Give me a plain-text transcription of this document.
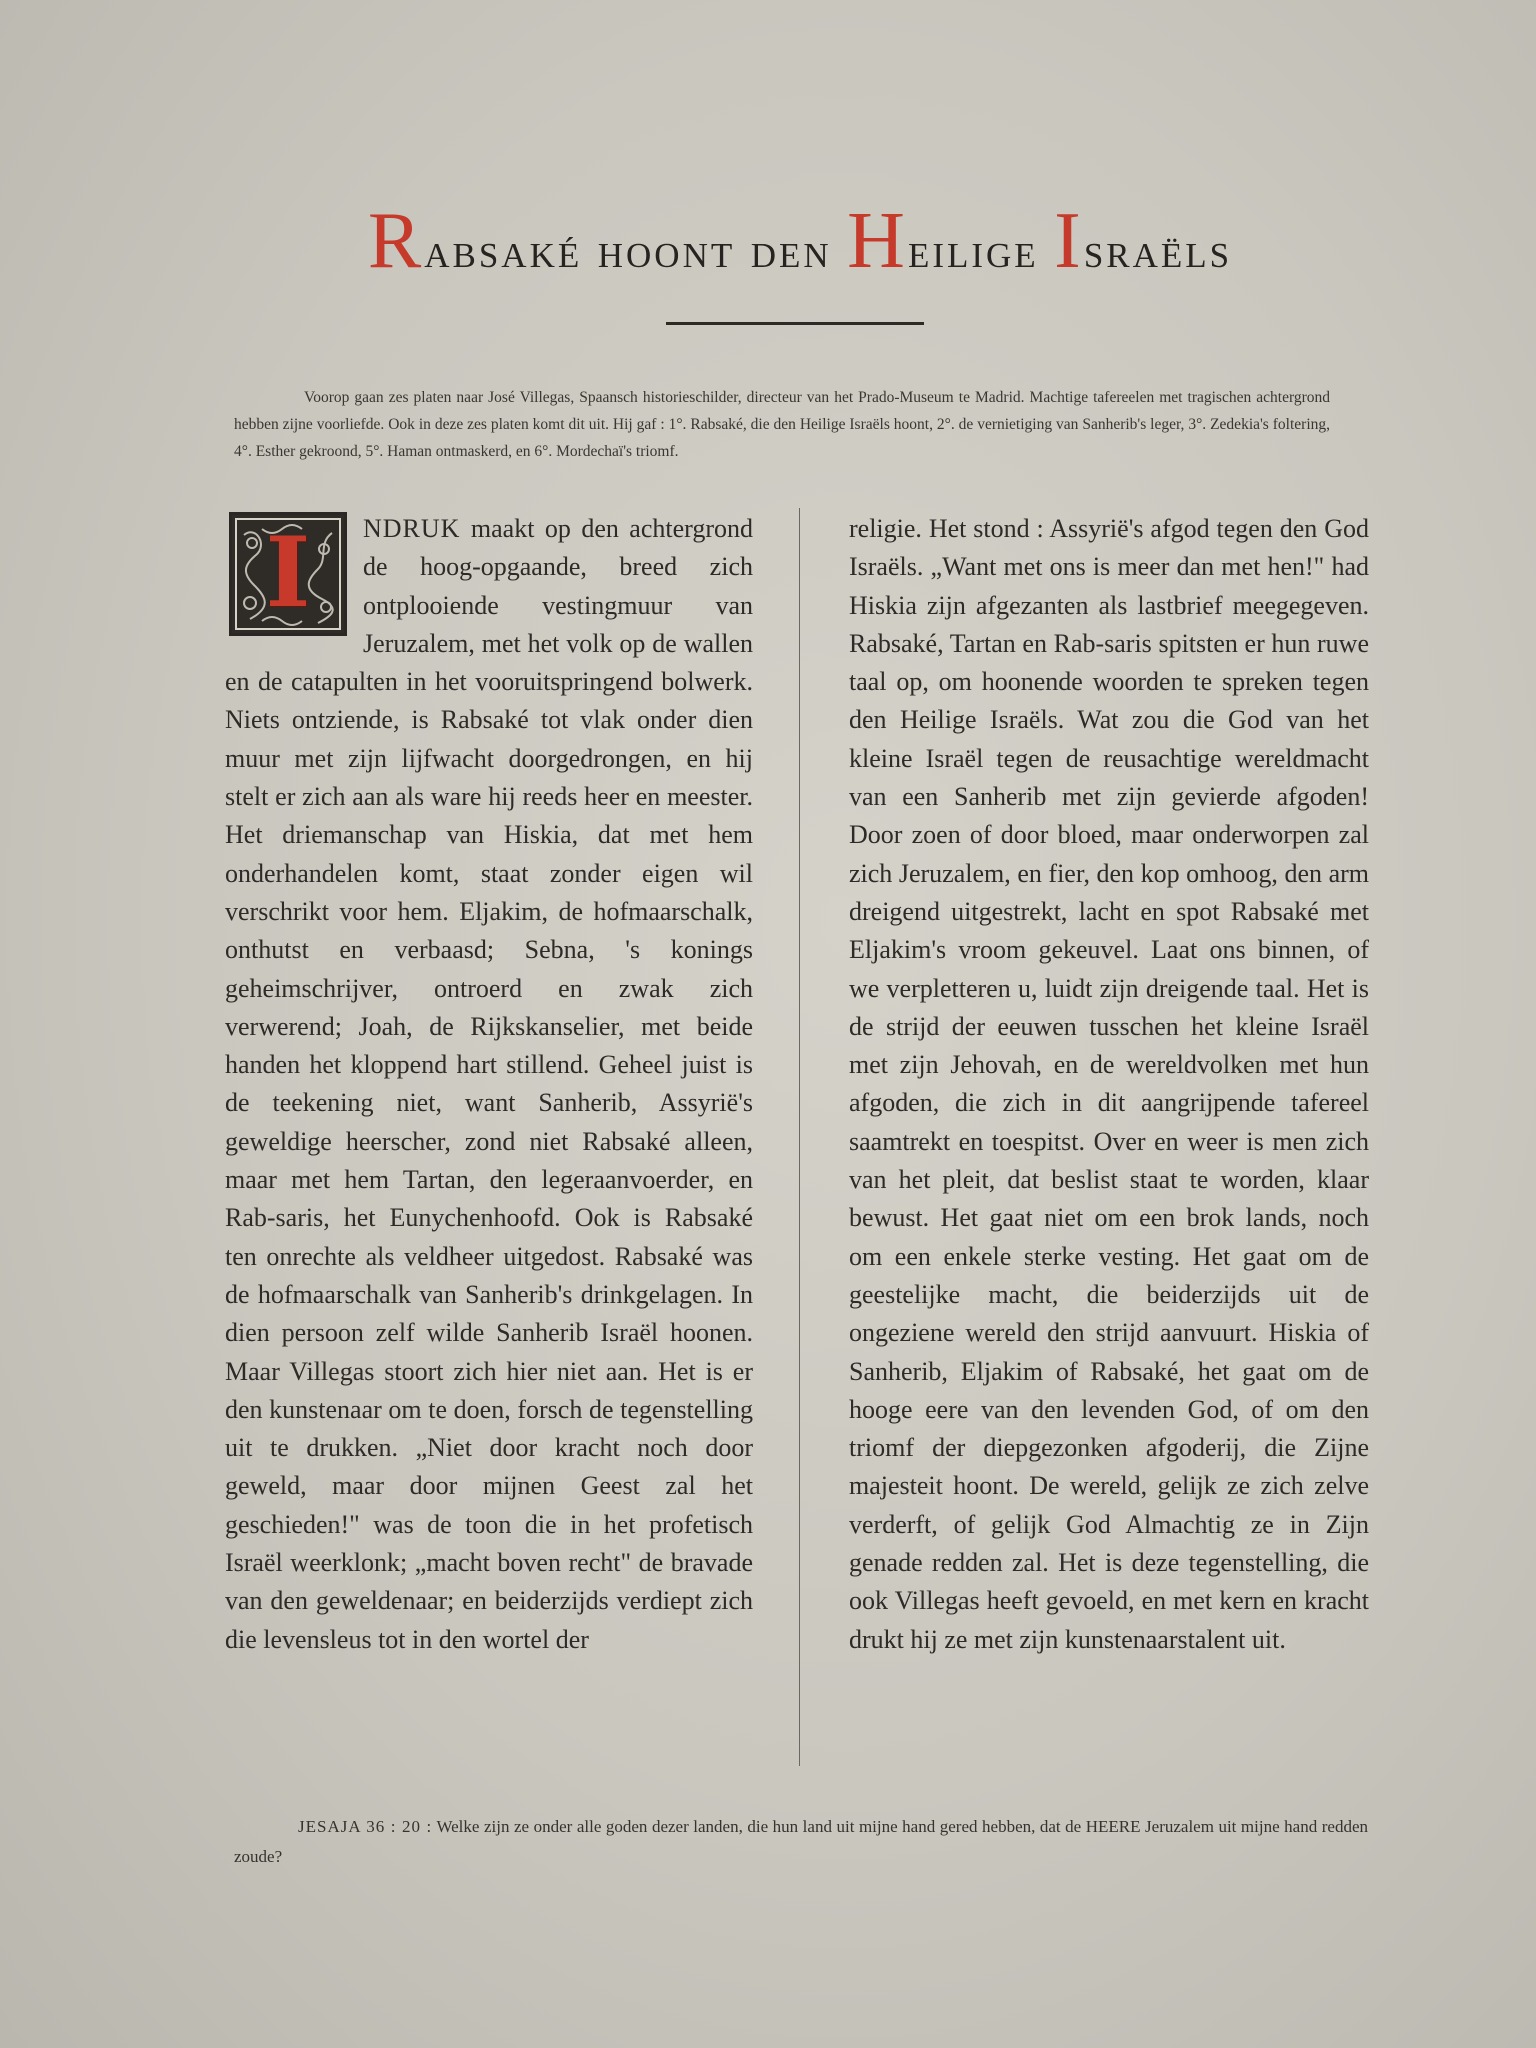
Rabsaké hoont den Heilige Israëls

Voorop gaan zes platen naar José Villegas, Spaansch historieschilder, directeur van het Prado-Museum te Madrid. Machtige tafereelen met tragischen achtergrond hebben zijne voorliefde. Ook in deze zes platen komt dit uit. Hij gaf : 1°. Rabsaké, die den Heilige Israëls hoont, 2°. de vernietiging van Sanherib's leger, 3°. Zedekia's foltering, 4°. Esther gekroond, 5°. Haman ontmaskerd, en 6°. Mordechaï's triomf.

I	NDRUK maakt op den achtergrond de hoog-opgaande, breed zich ontplooiende vestingmuur van Jeruzalem, met het volk op de wallen en de catapulten in het vooruitspringend bolwerk. Niets ontziende, is Rabsaké tot vlak onder dien muur met zijn lijfwacht doorgedrongen, en hij stelt er zich aan als ware hij reeds heer en meester. Het driemanschap van Hiskia, dat met hem onderhandelen komt, staat zonder eigen wil verschrikt voor hem. Eljakim, de hofmaarschalk, onthutst en verbaasd; Sebna, 's konings geheimschrijver, ontroerd en zwak zich verwerend; Joah, de Rijkskanselier, met beide handen het kloppend hart stillend. Geheel juist is de teekening niet, want Sanherib, Assyrië's geweldige heerscher, zond niet Rabsaké alleen, maar met hem Tartan, den legeraanvoerder, en Rab-saris, het Eunychenhoofd. Ook is Rabsaké ten onrechte als veldheer uitgedost. Rabsaké was de hofmaarschalk van Sanherib's drinkgelagen. In dien persoon zelf wilde Sanherib Israël hoonen. Maar Villegas stoort zich hier niet aan. Het is er den kunstenaar om te doen, forsch de tegenstelling uit te drukken. „Niet door kracht noch door geweld, maar door mijnen Geest zal het geschieden!" was de toon die in het profetisch Israël weerklonk; „macht boven recht" de bravade van den geweldenaar; en beiderzijds verdiept zich die levensleus tot in den wortel der
religie. Het stond : Assyrië's afgod tegen den God Israëls. „Want met ons is meer dan met hen!" had Hiskia zijn afgezanten als lastbrief meegegeven. Rabsaké, Tartan en Rab-saris spitsten er hun ruwe taal op, om hoonende woorden te spreken tegen den Heilige Israëls. Wat zou die God van het kleine Israël tegen de reusachtige wereldmacht van een Sanherib met zijn gevierde afgoden! Door zoen of door bloed, maar onderworpen zal zich Jeruzalem, en fier, den kop omhoog, den arm dreigend uitgestrekt, lacht en spot Rabsaké met Eljakim's vroom gekeuvel. Laat ons binnen, of we verpletteren u, luidt zijn dreigende taal. Het is de strijd der eeuwen tusschen het kleine Israël met zijn Jehovah, en de wereldvolken met hun afgoden, die zich in dit aangrijpende tafereel saamtrekt en toespitst. Over en weer is men zich van het pleit, dat beslist staat te worden, klaar bewust. Het gaat niet om een brok lands, noch om een enkele sterke vesting. Het gaat om de geestelijke macht, die beiderzijds uit de ongeziene wereld den strijd aanvuurt. Hiskia of Sanherib, Eljakim of Rabsaké, het gaat om de hooge eere van den levenden God, of om den triomf der diepgezonken afgoderij, die Zijne majesteit hoont. De wereld, gelijk ze zich zelve verderft, of gelijk God Almachtig ze in Zijn genade redden zal. Het is deze tegenstelling, die ook Villegas heeft gevoeld, en met kern en kracht drukt hij ze met zijn kunstenaarstalent uit.

JESAJA 36 : 20 : Welke zijn ze onder alle goden dezer landen, die hun land uit mijne hand gered hebben, dat de HEERE Jeruzalem uit mijne hand redden zoude?
